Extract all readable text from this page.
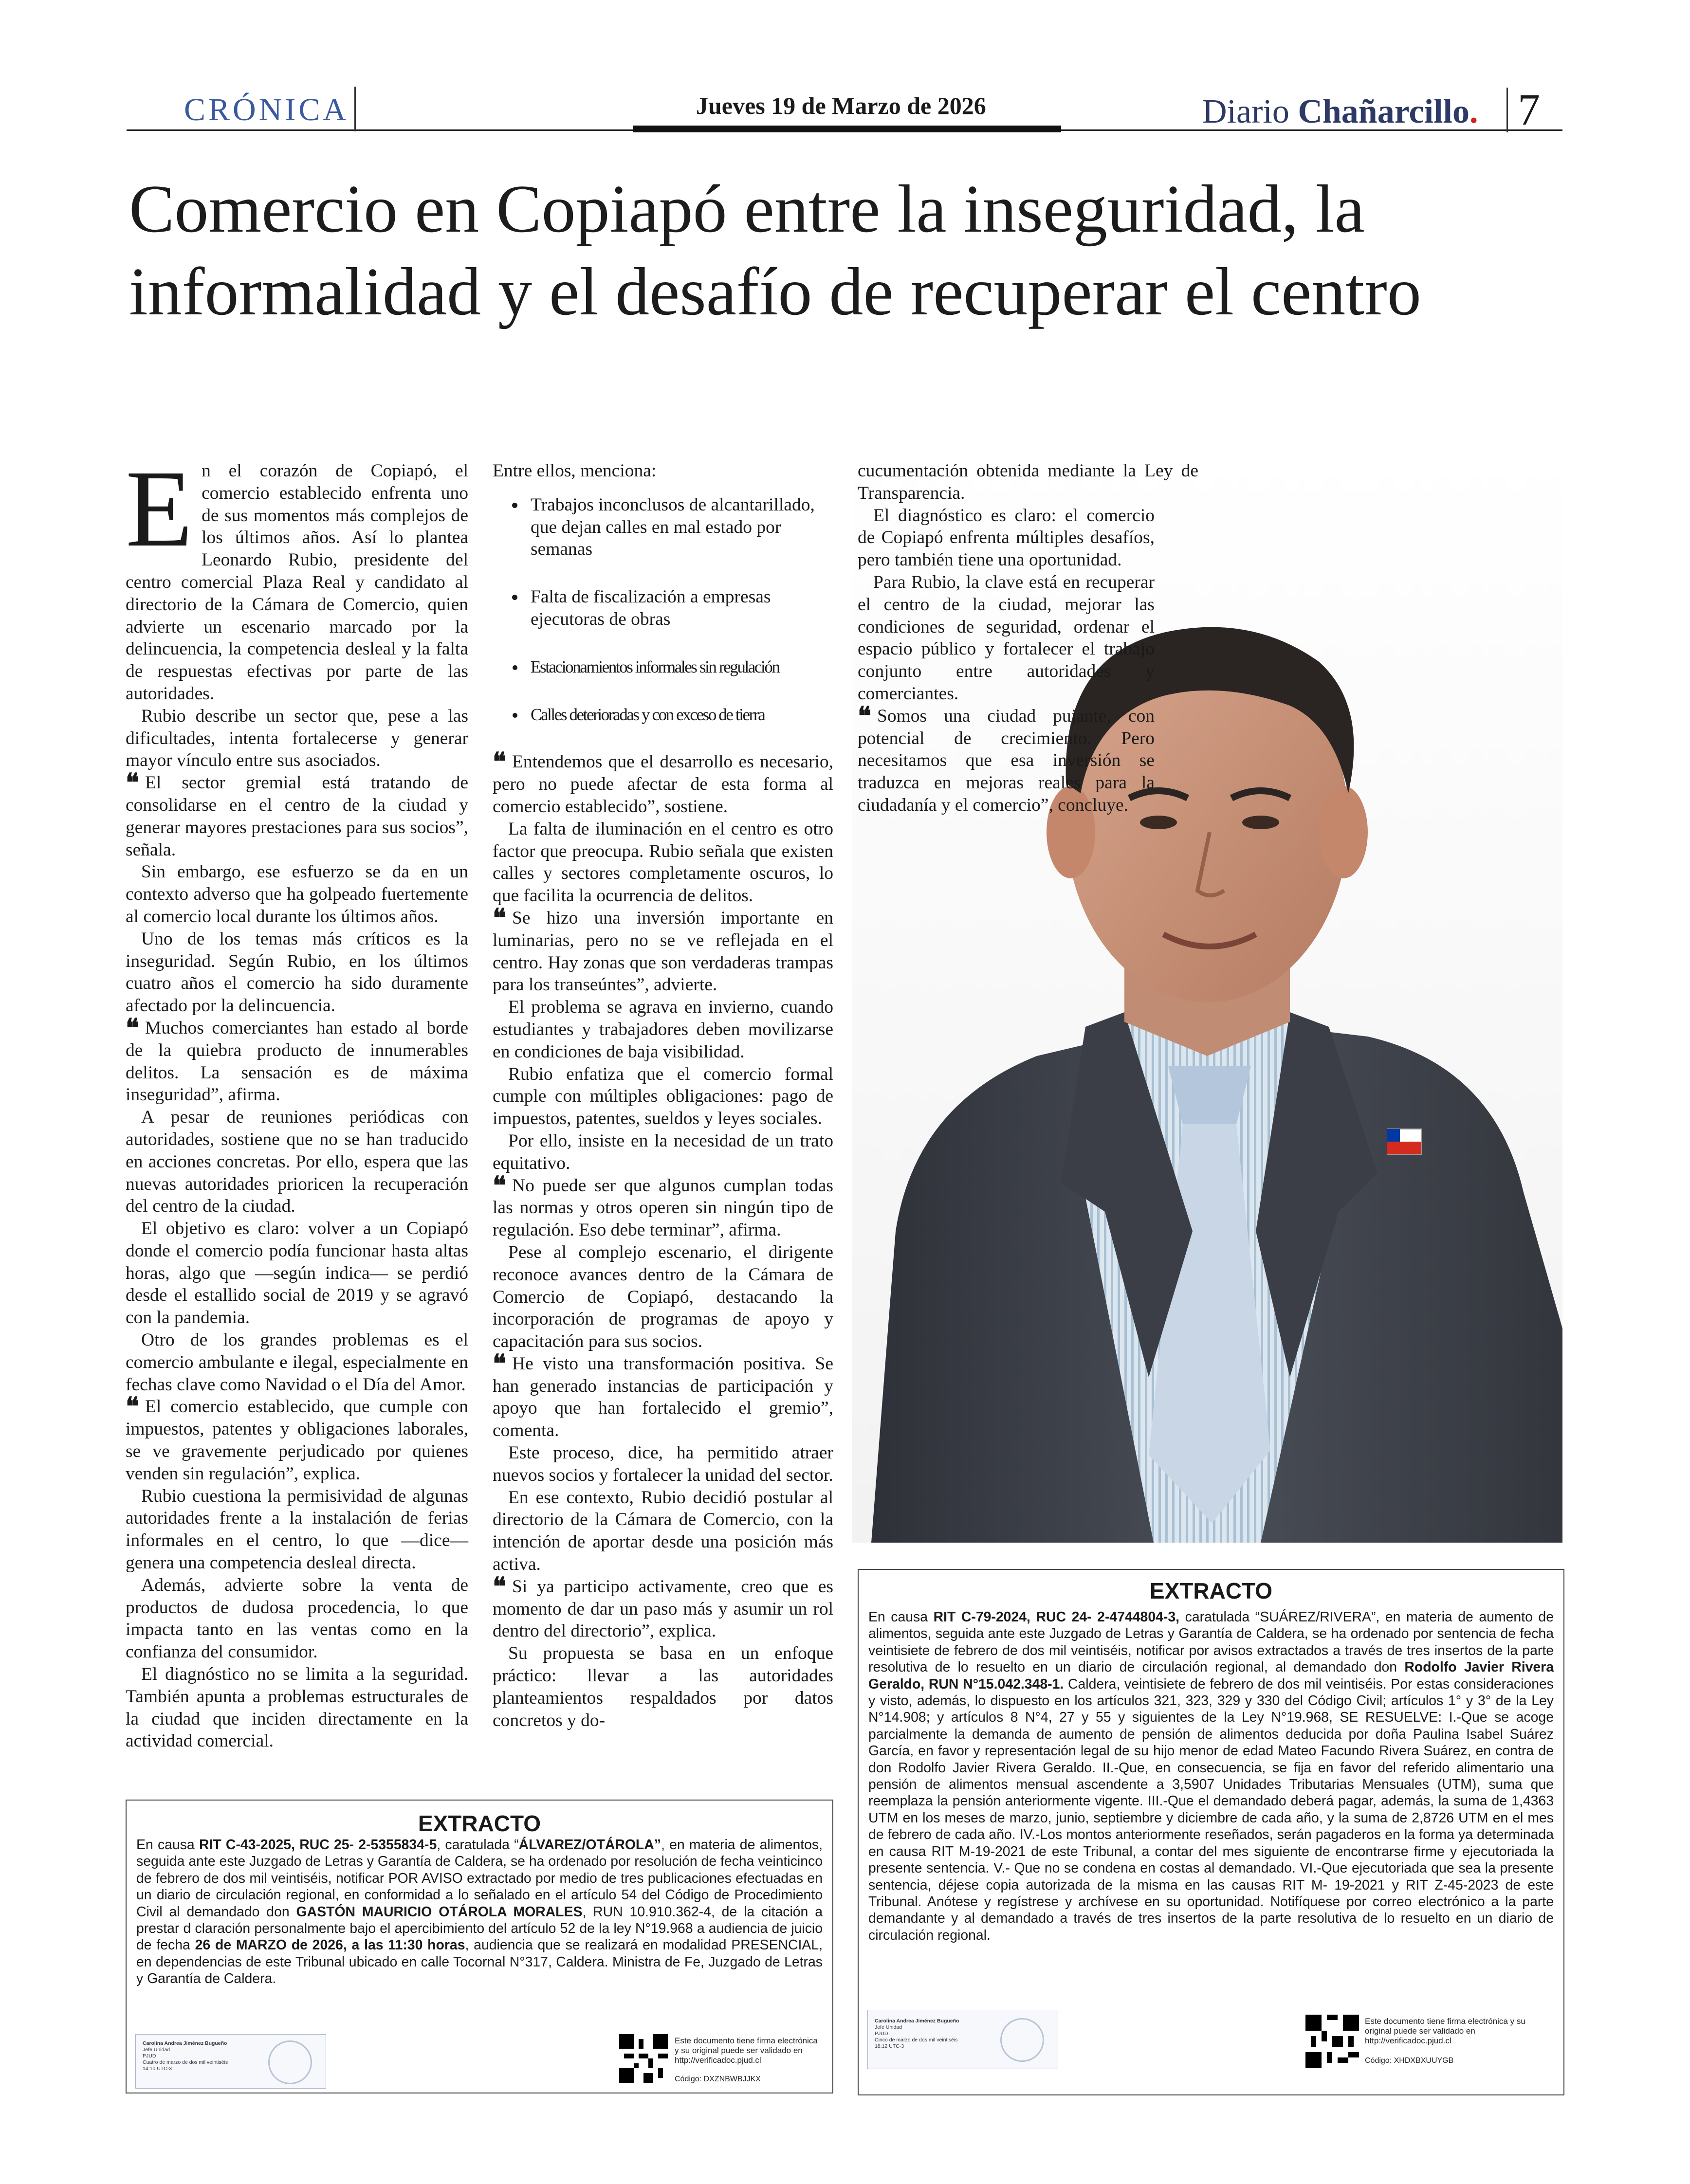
CRÓNICA	Jueves 19 de Marzo de 2026	Diario Chañarcillo. 7
Comercio en Copiapó entre la inseguridad, la informalidad y el desafío de recuperar el centro

En el corazón de Copiapó, el comercio establecido enfrenta uno de sus momentos más complejos de los últimos años. Así lo plantea Leonardo Rubio, presidente del centro comercial Plaza Real y candidato al directorio de la Cámara de Comercio, quien advierte un escenario marcado por la delincuencia, la competencia desleal y la falta de respuestas efectivas por parte de las autoridades.

Rubio describe un sector que, pese a las dificultades, intenta fortalecerse y generar mayor vínculo entre sus asociados.

❝ El sector gremial está tratando de consolidarse en el centro de la ciudad y generar mayores prestaciones para sus socios”, señala.

Sin embargo, ese esfuerzo se da en un contexto adverso que ha golpeado fuertemente al comercio local durante los últimos años.

Uno de los temas más críticos es la inseguridad. Según Rubio, en los últimos cuatro años el comercio ha sido duramente afectado por la delincuencia.

❝ Muchos comerciantes han estado al borde de la quiebra producto de innumerables delitos. La sensación es de máxima inseguridad”, afirma.

A pesar de reuniones periódicas con autoridades, sostiene que no se han traducido en acciones concretas. Por ello, espera que las nuevas autoridades prioricen la recuperación del centro de la ciudad.

El objetivo es claro: volver a un Copiapó donde el comercio podía funcionar hasta altas horas, algo que —según indica— se perdió desde el estallido social de 2019 y se agravó con la pandemia.

Otro de los grandes problemas es el comercio ambulante e ilegal, especialmente en fechas clave como Navidad o el Día del Amor.

❝ El comercio establecido, que cumple con impuestos, patentes y obligaciones laborales, se ve gravemente perjudicado por quienes venden sin regulación”, explica.

Rubio cuestiona la permisividad de algunas autoridades frente a la instalación de ferias informales en el centro, lo que —dice— genera una competencia desleal directa.

Además, advierte sobre la venta de productos de dudosa procedencia, lo que impacta tanto en las ventas como en la confianza del consumidor.

El diagnóstico no se limita a la seguridad. También apunta a problemas estructurales de la ciudad que inciden directamente en la actividad comercial.

Entre ellos, menciona:

• Trabajos inconclusos de alcantarillado, que dejan calles en mal estado por semanas
• Falta de fiscalización a empresas ejecutoras de obras
• Estacionamientos informales sin regulación
• Calles deterioradas y con exceso de tierra

❝ Entendemos que el desarrollo es necesario, pero no puede afectar de esta forma al comercio establecido”, sostiene.

La falta de iluminación en el centro es otro factor que preocupa. Rubio señala que existen calles y sectores completamente oscuros, lo que facilita la ocurrencia de delitos.

❝ Se hizo una inversión importante en luminarias, pero no se ve reflejada en el centro. Hay zonas que son verdaderas trampas para los transeúntes”, advierte.

El problema se agrava en invierno, cuando estudiantes y trabajadores deben movilizarse en condiciones de baja visibilidad.

Rubio enfatiza que el comercio formal cumple con múltiples obligaciones: pago de impuestos, patentes, sueldos y leyes sociales.

Por ello, insiste en la necesidad de un trato equitativo.

❝ No puede ser que algunos cumplan todas las normas y otros operen sin ningún tipo de regulación. Eso debe terminar”, afirma.

Pese al complejo escenario, el dirigente reconoce avances dentro de la Cámara de Comercio de Copiapó, destacando la incorporación de programas de apoyo y capacitación para sus socios.

❝ He visto una transformación positiva. Se han generado instancias de participación y apoyo que han fortalecido el gremio”, comenta.

Este proceso, dice, ha permitido atraer nuevos socios y fortalecer la unidad del sector.

En ese contexto, Rubio decidió postular al directorio de la Cámara de Comercio, con la intención de aportar desde una posición más activa.

❝ Si ya participo activamente, creo que es momento de dar un paso más y asumir un rol dentro del directorio”, explica.

Su propuesta se basa en un enfoque práctico: llevar a las autoridades planteamientos respaldados por datos concretos y do-

cucumentación obtenida mediante la Ley de Transparencia.

El diagnóstico es claro: el comercio de Copiapó enfrenta múltiples desafíos, pero también tiene una oportunidad.

Para Rubio, la clave está en recuperar el centro de la ciudad, mejorar las condiciones de seguridad, ordenar el espacio público y fortalecer el trabajo conjunto entre autoridades y comerciantes.

❝ Somos una ciudad pujante, con potencial de crecimiento. Pero necesitamos que esa inversión se traduzca en mejoras reales para la ciudadanía y el comercio”, concluye.

EXTRACTO
En causa RIT C-43-2025, RUC 25- 2-5355834-5, caratulada “ÁLVAREZ/OTÁROLA”, en materia de alimentos, seguida ante este Juzgado de Letras y Garantía de Caldera, se ha ordenado por resolución de fecha veinticinco de febrero de dos mil veintiséis, notificar POR AVISO extractado por medio de tres publicaciones efectuadas en un diario de circulación regional, en conformidad a lo señalado en el artículo 54 del Código de Procedimiento Civil al demandado don GASTÓN MAURICIO OTÁROLA MORALES, RUN 10.910.362-4, de la citación a prestar d claración personalmente bajo el apercibimiento del artículo 52 de la ley N°19.968 a audiencia de juicio de fecha 26 de MARZO de 2026, a las 11:30 horas, audiencia que se realizará en modalidad PRESENCIAL, en dependencias de este Tribunal ubicado en calle Tocornal N°317, Caldera. Ministra de Fe, Juzgado de Letras y Garantía de Caldera.
Carolina Andrea Jiménez Bugueño
Jefe Unidad
PJUD
Cuatro de marzo de dos mil veintiséis
14:10 UTC-3
Este documento tiene firma electrónica y su original puede ser validado en http://verificadoc.pjud.cl
Código: DXZNBWBJJKX
EXTRACTO
En causa RIT C-79-2024, RUC 24- 2-4744804-3, caratulada “SUÁREZ/RIVERA”, en materia de aumento de alimentos, seguida ante este Juzgado de Letras y Garantía de Caldera, se ha ordenado por sentencia de fecha veintisiete de febrero de dos mil veintiséis, notificar por avisos extractados a través de tres insertos de la parte resolutiva de lo resuelto en un diario de circulación regional, al demandado don Rodolfo Javier Rivera Geraldo, RUN N°15.042.348-1. Caldera, veintisiete de febrero de dos mil veintiséis. Por estas consideraciones y visto, además, lo dispuesto en los artículos 321, 323, 329 y 330 del Código Civil; artículos 1° y 3° de la Ley N°14.908; y artículos 8 N°4, 27 y 55 y siguientes de la Ley N°19.968, SE RESUELVE: I.-Que se acoge parcialmente la demanda de aumento de pensión de alimentos deducida por doña Paulina Isabel Suárez García, en favor y representación legal de su hijo menor de edad Mateo Facundo Rivera Suárez, en contra de don Rodolfo Javier Rivera Geraldo. II.-Que, en consecuencia, se fija en favor del referido alimentario una pensión de alimentos mensual ascendente a 3,5907 Unidades Tributarias Mensuales (UTM), suma que reemplaza la pensión anteriormente vigente. III.-Que el demandado deberá pagar, además, la suma de 1,4363 UTM en los meses de marzo, junio, septiembre y diciembre de cada año, y la suma de 2,8726 UTM en el mes de febrero de cada año. IV.-Los montos anteriormente reseñados, serán pagaderos en la forma ya determinada en causa RIT M-19-2021 de este Tribunal, a contar del mes siguiente de encontrarse firme y ejecutoriada la presente sentencia. V.- Que no se condena en costas al demandado. VI.-Que ejecutoriada que sea la presente sentencia, déjese copia autorizada de la misma en las causas RIT M- 19-2021 y RIT Z-45-2023 de este Tribunal. Anótese y regístrese y archívese en su oportunidad. Notifíquese por correo electrónico a la parte demandante y al demandado a través de tres insertos de la parte resolutiva de lo resuelto en un diario de circulación regional.
Carolina Andrea Jiménez Bugueño
Jefe Unidad
PJUD
Cinco de marzo de dos mil veintiséis
18:12 UTC-3
Este documento tiene firma electrónica y su original puede ser validado en http://verificadoc.pjud.cl
Código: XHDXBXUUYGB
